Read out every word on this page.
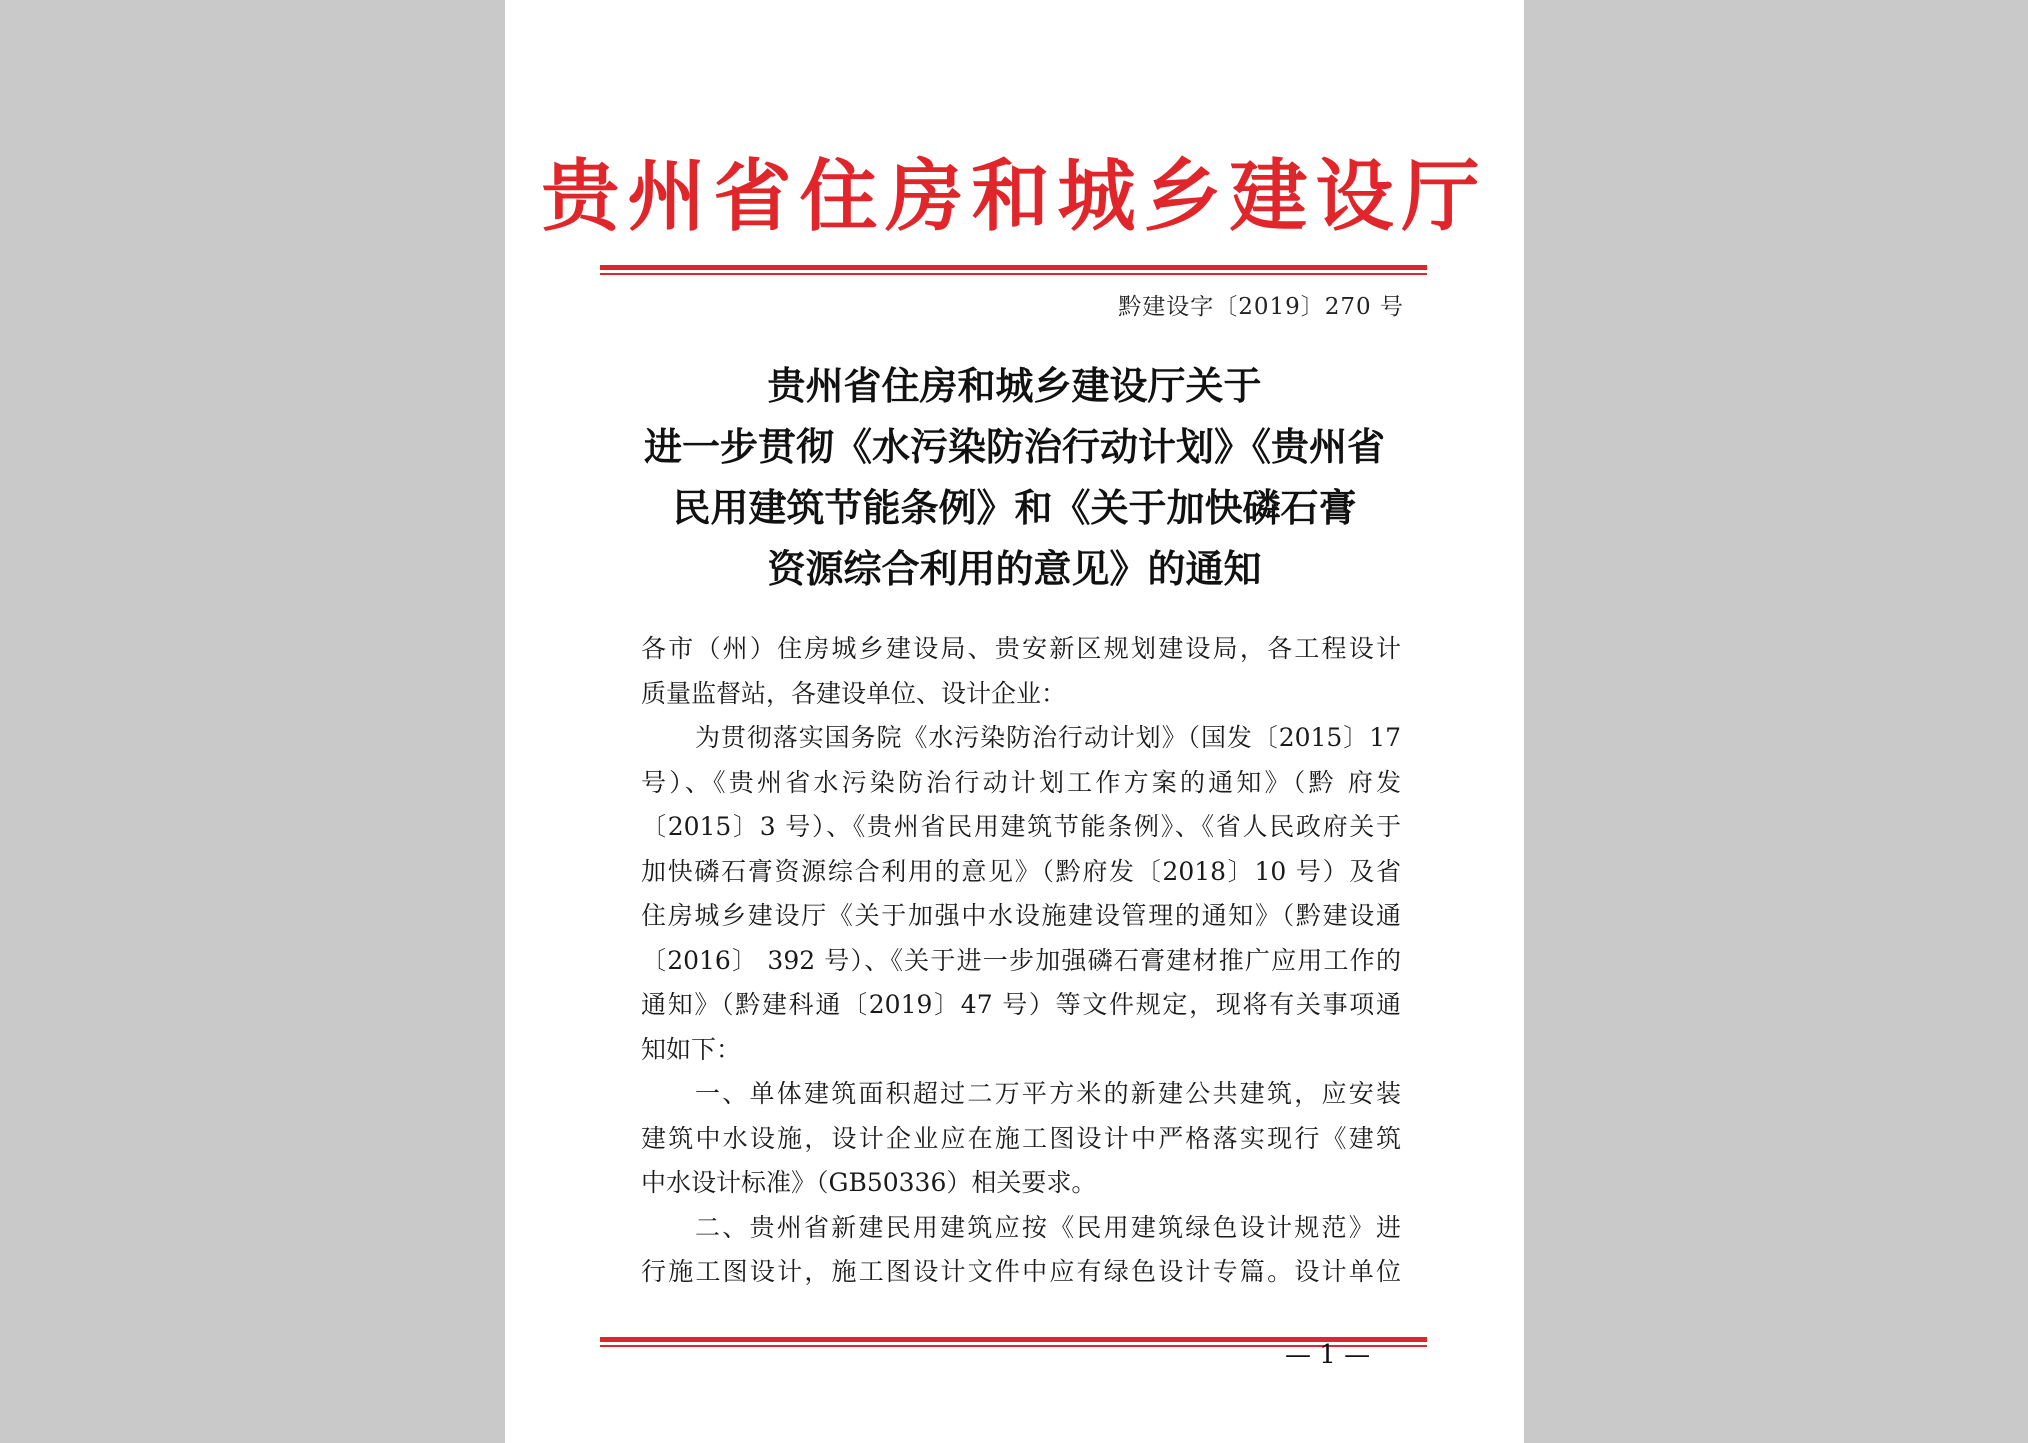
贵州省住房和城乡建设厅
黔建设字〔2019〕270 号
贵州省住房和城乡建设厅关于
进一步贯彻《水污染防治行动计划》《贵州省
民用建筑节能条例》和《关于加快磷石膏
资源综合利用的意见》的通知
各市（州）住房城乡建设局、贵安新区规划建设局，各工程设计
质量监督站，各建设单位、设计企业：
为贯彻落实国务院《水污染防治行动计划》（国发〔2015〕17
号）、《贵州省水污染防治行动计划工作方案的通知》（黔 府发
〔2015〕3 号）、《贵州省民用建筑节能条例》、《省人民政府关于
加快磷石膏资源综合利用的意见》（黔府发〔2018〕10 号）及省
住房城乡建设厅《关于加强中水设施建设管理的通知》（黔建设通
〔2016〕 392 号）、《关于进一步加强磷石膏建材推广应用工作的
通知》（黔建科通〔2019〕47 号）等文件规定，现将有关事项通
知如下：
一、单体建筑面积超过二万平方米的新建公共建筑，应安装
建筑中水设施，设计企业应在施工图设计中严格落实现行《建筑
中水设计标准》（GB50336）相关要求。
二、贵州省新建民用建筑应按《民用建筑绿色设计规范》进
行施工图设计，施工图设计文件中应有绿色设计专篇。设计单位
— 1 —
